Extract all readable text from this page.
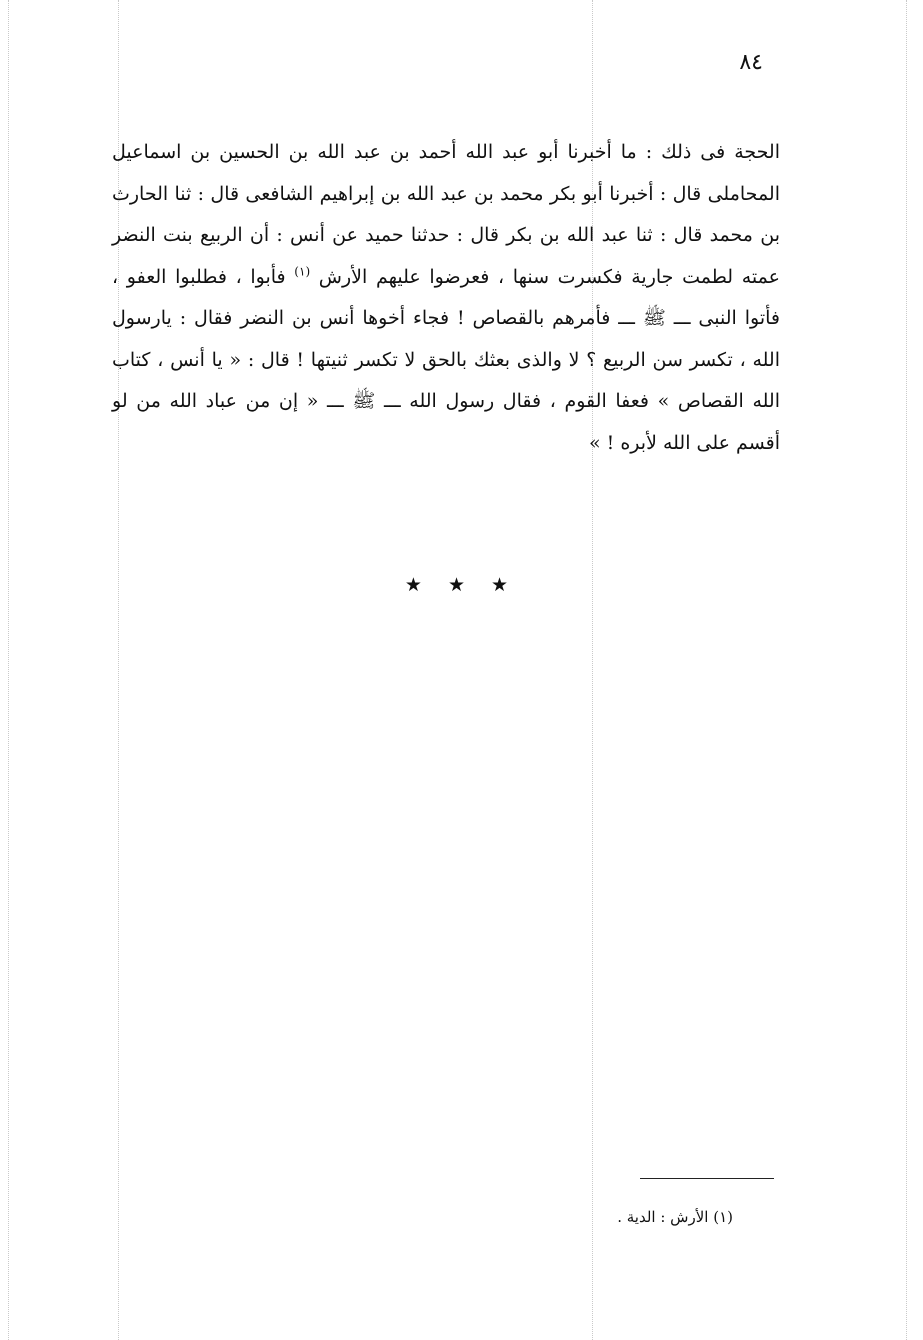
٨٤

الحجة فى ذلك : ما أخبرنا أبو عبد الله أحمد بن عبد الله بن الحسين بن اسماعيل المحاملى قال : أخبرنا أبو بكر محمد بن عبد الله بن إبراهيم الشافعى قال : ثنا الحارث بن محمد قال : ثنا عبد الله بن بكر قال : حدثنا حميد عن أنس : أن الربيع بنت النضر عمته لطمت جارية فكسرت سنها ، فعرضوا عليهم الأرش $^{(١)}$ فأبوا ، فطلبوا العفو ، فأتوا النبى ـــ ﷺ ـــ فأمرهم بالقصاص ! فجاء أخوها أنس بن النضر فقال : يارسول الله ، تكسر سن الربيع ؟ لا والذى بعثك بالحق لا تكسر ثنيتها ! قال : « يا أنس ، كتاب الله القصاص » فعفا القوم ، فقال رسول الله ـــ ﷺ ـــ « إن من عباد الله من لو أقسم على الله لأبره ! »

★ ★ ★
(١) الأرش : الدية .
